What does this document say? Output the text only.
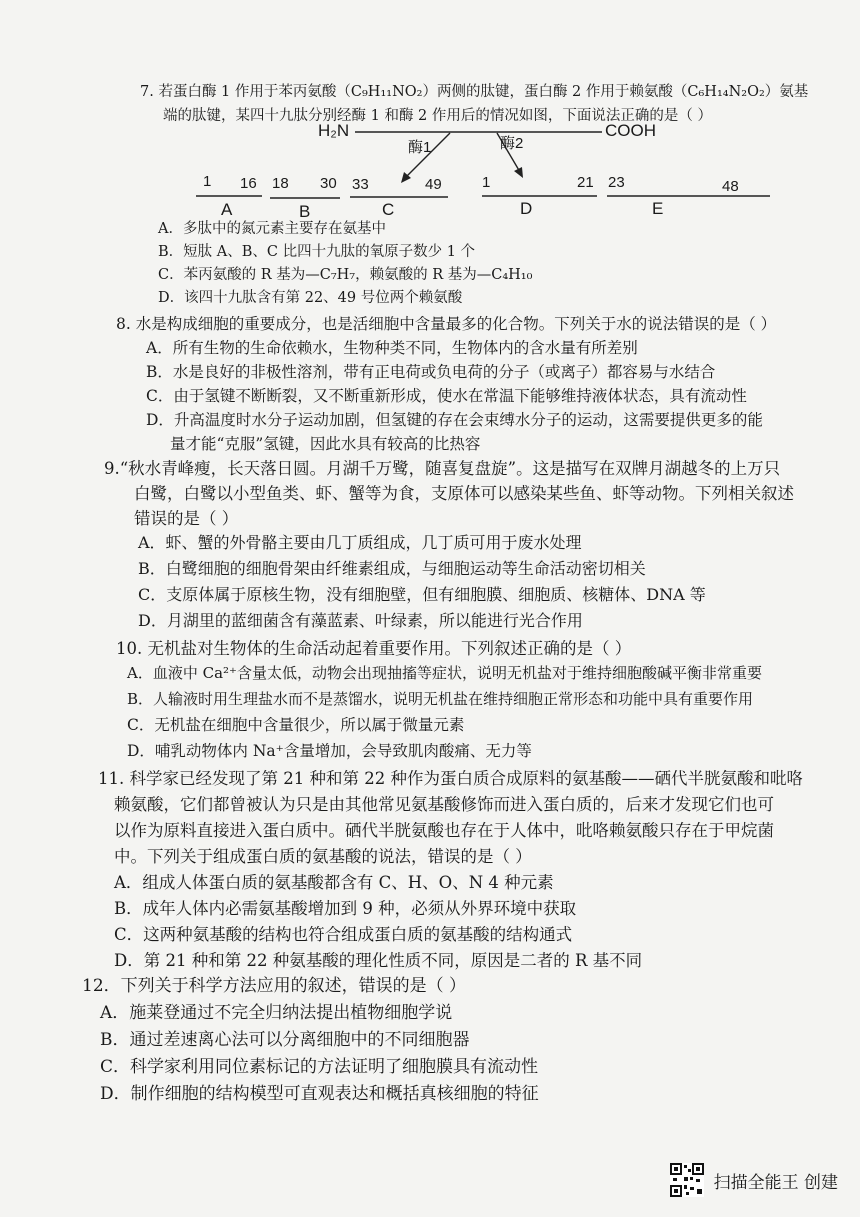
7. 若蛋白酶 1 作用于苯丙氨酸（C₉H₁₁NO₂）两侧的肽键，蛋白酶 2 作用于赖氨酸（C₆H₁₄N₂O₂）氨基
端的肽键，某四十九肽分别经酶 1 和酶 2 作用后的情况如图，下面说法正确的是（ ）
H₂N	COOH
酶1	酶2
1 16
A
18 30
B
33	49
C
1	21
D
23	48
E
A．多肽中的氮元素主要存在氨基中
B．短肽 A、B、C 比四十九肽的氧原子数少 1 个
C．苯丙氨酸的 R 基为—C₇H₇，赖氨酸的 R 基为—C₄H₁₀
D．该四十九肽含有第 22、49 号位两个赖氨酸
8. 水是构成细胞的重要成分，也是活细胞中含量最多的化合物。下列关于水的说法错误的是（ ）
A．所有生物的生命依赖水，生物种类不同，生物体内的含水量有所差别
B．水是良好的非极性溶剂，带有正电荷或负电荷的分子（或离子）都容易与水结合
C．由于氢键不断断裂，又不断重新形成，使水在常温下能够维持液体状态，具有流动性
D．升高温度时水分子运动加剧，但氢键的存在会束缚水分子的运动，这需要提供更多的能
量才能“克服”氢键，因此水具有较高的比热容
9.“秋水青峰瘦，长天落日圆。月湖千万鹭，随喜复盘旋”。这是描写在双牌月湖越冬的上万只
白鹭，白鹭以小型鱼类、虾、蟹等为食，支原体可以感染某些鱼、虾等动物。下列相关叙述
错误的是（ ）
A．虾、蟹的外骨骼主要由几丁质组成，几丁质可用于废水处理
B．白鹭细胞的细胞骨架由纤维素组成，与细胞运动等生命活动密切相关
C．支原体属于原核生物，没有细胞壁，但有细胞膜、细胞质、核糖体、DNA 等
D．月湖里的蓝细菌含有藻蓝素、叶绿素，所以能进行光合作用
10. 无机盐对生物体的生命活动起着重要作用。下列叙述正确的是（ ）
A．血液中 Ca²⁺含量太低，动物会出现抽搐等症状，说明无机盐对于维持细胞酸碱平衡非常重要
B．人输液时用生理盐水而不是蒸馏水，说明无机盐在维持细胞正常形态和功能中具有重要作用
C．无机盐在细胞中含量很少，所以属于微量元素
D．哺乳动物体内 Na⁺含量增加，会导致肌肉酸痛、无力等
11. 科学家已经发现了第 21 种和第 22 种作为蛋白质合成原料的氨基酸——硒代半胱氨酸和吡咯
赖氨酸，它们都曾被认为只是由其他常见氨基酸修饰而进入蛋白质的，后来才发现它们也可
以作为原料直接进入蛋白质中。硒代半胱氨酸也存在于人体中，吡咯赖氨酸只存在于甲烷菌
中。下列关于组成蛋白质的氨基酸的说法，错误的是（ ）
A．组成人体蛋白质的氨基酸都含有 C、H、O、N 4 种元素
B．成年人体内必需氨基酸增加到 9 种，必须从外界环境中获取
C．这两种氨基酸的结构也符合组成蛋白质的氨基酸的结构通式
D．第 21 种和第 22 种氨基酸的理化性质不同，原因是二者的 R 基不同
12．下列关于科学方法应用的叙述，错误的是（ ）
A．施莱登通过不完全归纳法提出植物细胞学说
B．通过差速离心法可以分离细胞中的不同细胞器
C．科学家利用同位素标记的方法证明了细胞膜具有流动性
D．制作细胞的结构模型可直观表达和概括真核细胞的特征
扫描全能王 创建
